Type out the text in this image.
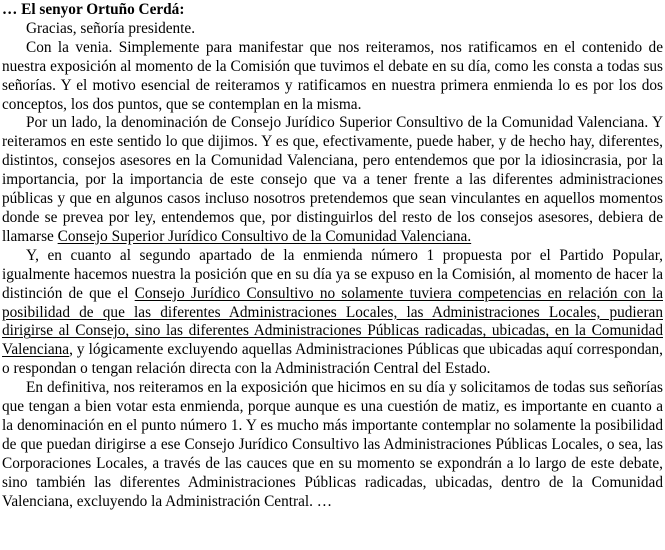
… El senyor Ortuño Cerdá:

Gracias, señoría presidente.

Con la venia. Simplemente para manifestar que nos reiteramos, nos ratificamos en el contenido de nuestra exposición al momento de la Comisión que tuvimos el debate en su día, como les consta a todas sus señorías. Y el motivo esencial de reiteramos y ratificamos en nuestra primera enmienda lo es por los dos conceptos, los dos puntos, que se contemplan en la misma.

Por un lado, la denominación de Consejo Jurídico Superior Consultivo de la Comunidad Valenciana. Y reiteramos en este sentido lo que dijimos. Y es que, efectivamente, puede haber, y de hecho hay, diferentes, distintos, consejos asesores en la Comunidad Valenciana, pero entendemos que por la idiosincrasia, por la importancia, por la importancia de este consejo que va a tener frente a las diferentes administraciones públicas y que en algunos casos incluso nosotros pretendemos que sean vinculantes en aquellos momentos donde se prevea por ley, entendemos que, por distinguirlos del resto de los consejos asesores, debiera de llamarse Consejo Superior Jurídico Consultivo de la Comunidad Valenciana.

Y, en cuanto al segundo apartado de la enmienda número 1 propuesta por el Partido Popular, igualmente hacemos nuestra la posición que en su día ya se expuso en la Comisión, al momento de hacer la distinción de que el Consejo Jurídico Consultivo no solamente tuviera competencias en relación con la posibilidad de que las diferentes Administraciones Locales, las Administraciones Locales, pudieran dirigirse al Consejo, sino las diferentes Administraciones Públicas radicadas, ubicadas, en la Comunidad Valenciana, y lógicamente excluyendo aquellas Administraciones Públicas que ubicadas aquí correspondan, o respondan o tengan relación directa con la Administración Central del Estado.

En definitiva, nos reiteramos en la exposición que hicimos en su día y solicitamos de todas sus señorías que tengan a bien votar esta enmienda, porque aunque es una cuestión de matiz, es importante en cuanto a la denominación en el punto número 1. Y es mucho más importante contemplar no solamente la posibilidad de que puedan dirigirse a ese Consejo Jurídico Consultivo las Administraciones Públicas Locales, o sea, las Corporaciones Locales, a través de las cauces que en su momento se expondrán a lo largo de este debate, sino también las diferentes Administraciones Públicas radicadas, ubicadas, dentro de la Comunidad Valenciana, excluyendo la Administración Central. …
